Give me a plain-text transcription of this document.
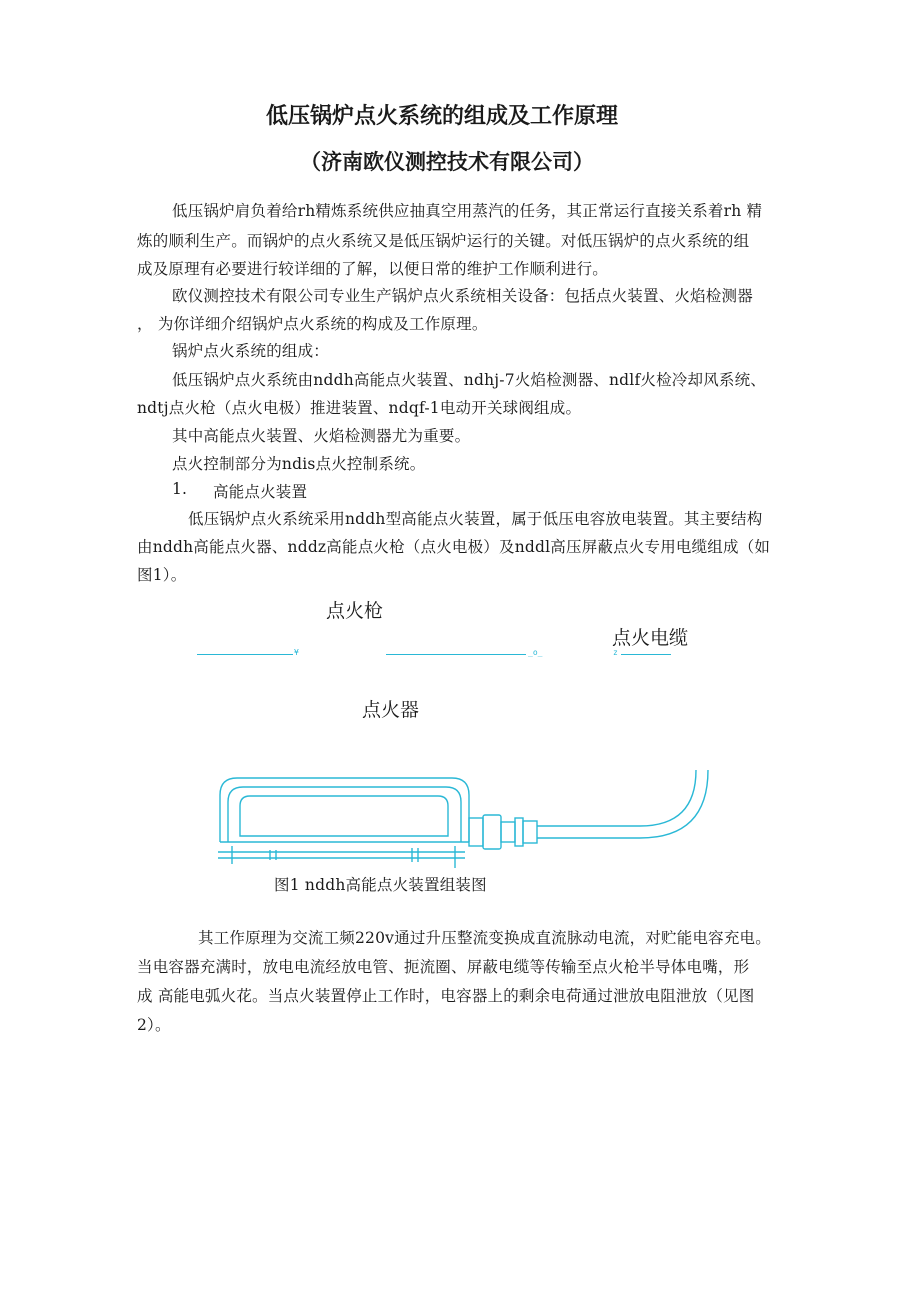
低压锅炉点火系统的组成及工作原理
（济南欧仪测控技术有限公司）
低压锅炉肩负着给rh精炼系统供应抽真空用蒸汽的任务，其正常运行直接关系着rh 精
炼的顺利生产。而锅炉的点火系统又是低压锅炉运行的关键。对低压锅炉的点火系统的组
成及原理有必要进行较详细的了解，以便日常的维护工作顺利进行。
欧仪测控技术有限公司专业生产锅炉点火系统相关设备：包括点火装置、火焰检测器
， 为你详细介绍锅炉点火系统的构成及工作原理。
锅炉点火系统的组成：
低压锅炉点火系统由nddh高能点火装置、ndhj-7火焰检测器、ndlf火检冷却风系统、
ndtj点火枪（点火电极）推进装置、ndqf-1电动开关球阀组成。
其中高能点火装置、火焰检测器尤为重要。
点火控制部分为ndis点火控制系统。
1. 高能点火装置
低压锅炉点火系统采用nddh型高能点火装置，属于低压电容放电装置。其主要结构
由nddh高能点火器、nddz高能点火枪（点火电极）及nddl高压屏蔽点火专用电缆组成（如
图1）。
点火枪
点火电缆
点火器
¥	_o_	z
图1 nddh高能点火装置组装图
其工作原理为交流工频220v通过升压整流变换成直流脉动电流，对贮能电容充电。
当电容器充满时，放电电流经放电管、扼流圈、屏蔽电缆等传输至点火枪半导体电嘴，形
成 高能电弧火花。当点火装置停止工作时，电容器上的剩余电荷通过泄放电阻泄放（见图
2）。
